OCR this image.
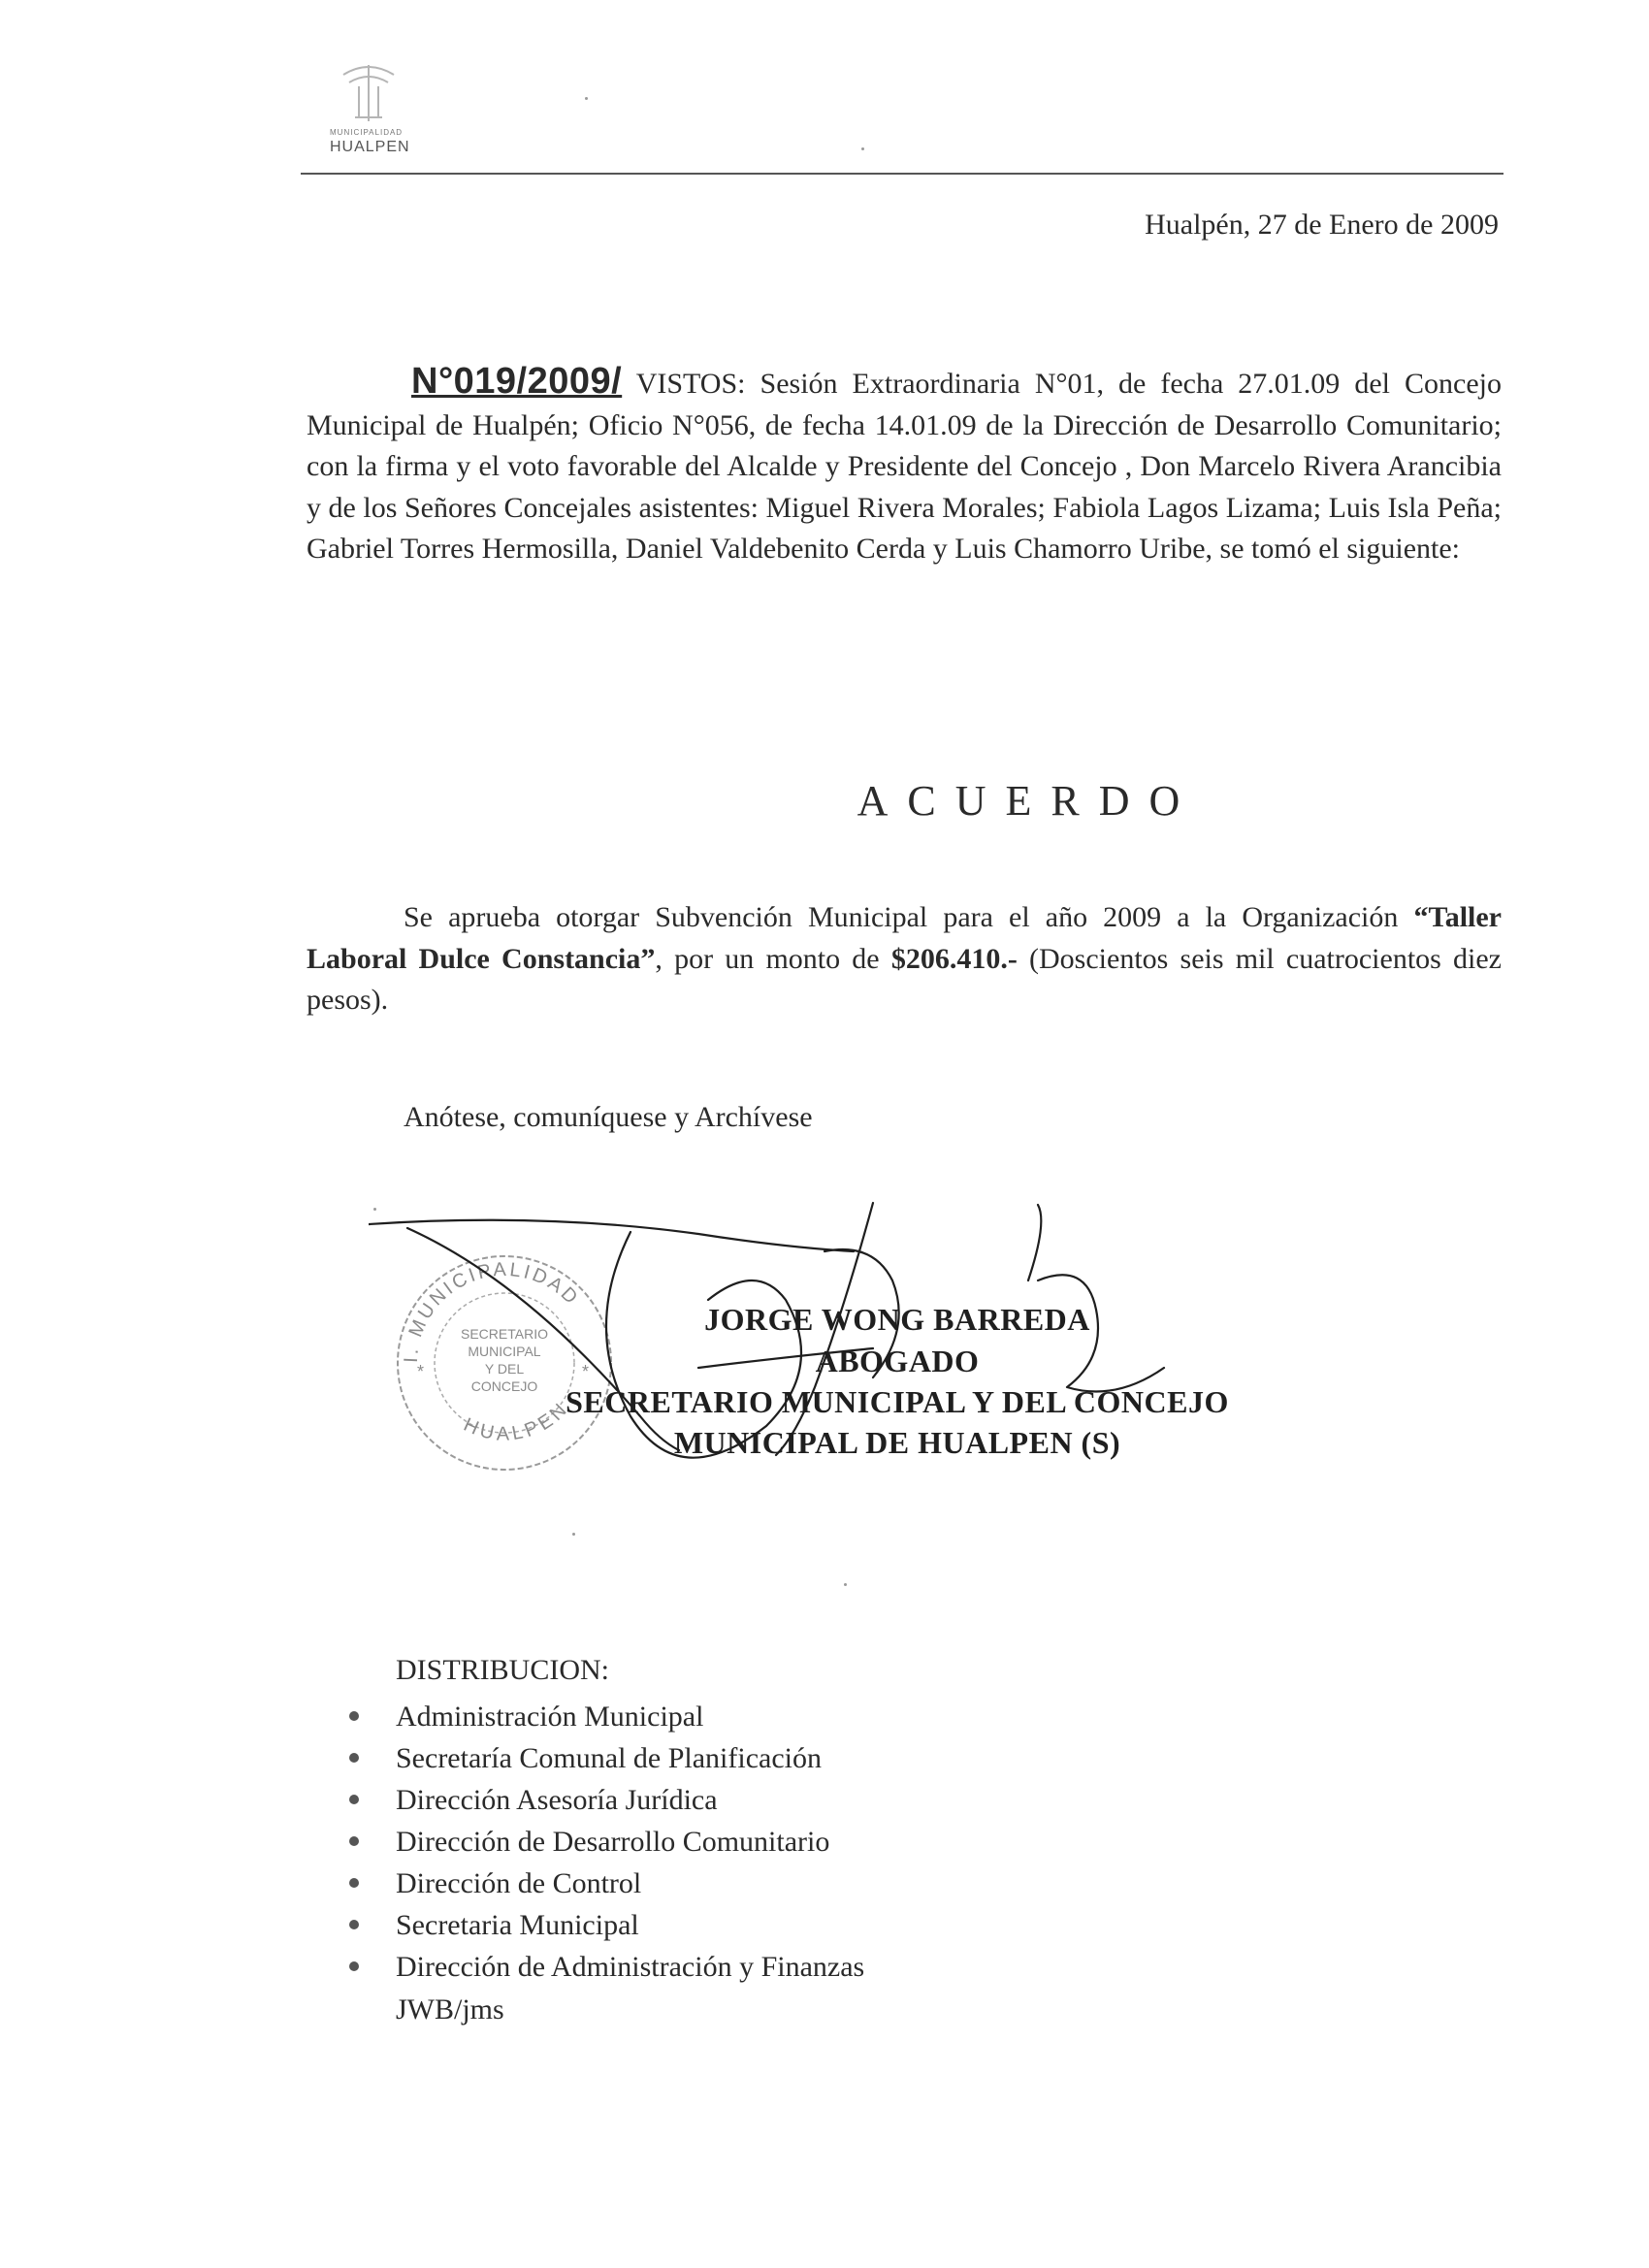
MUNICIPALIDAD
HUALPEN
Hualpén, 27 de Enero de 2009
N°019/2009/ VISTOS: Sesión Extraordinaria N°01, de fecha 27.01.09 del Concejo Municipal de Hualpén; Oficio N°056, de fecha 14.01.09 de la Dirección de Desarrollo Comunitario; con la firma y el voto favorable del Alcalde y Presidente del Concejo , Don Marcelo Rivera Arancibia y de los Señores Concejales asistentes: Miguel Rivera Morales; Fabiola Lagos Lizama; Luis Isla Peña; Gabriel Torres Hermosilla, Daniel Valdebenito Cerda y Luis Chamorro Uribe, se tomó el siguiente:
ACUERDO
Se aprueba otorgar Subvención Municipal para el año 2009 a la Organización “Taller Laboral Dulce Constancia”, por un monto de $206.410.- (Doscientos seis mil cuatrocientos diez pesos).
Anótese, comuníquese y Archívese
I. MUNICIPALIDAD
HUALPEN
SECRETARIO
MUNICIPAL
Y DEL
CONCEJO
*	*
JORGE WONG BARREDA
ABOGADO
SECRETARIO MUNICIPAL Y DEL CONCEJO
MUNICIPAL DE HUALPEN (S)
DISTRIBUCION:
Administración Municipal
Secretaría Comunal de Planificación
Dirección Asesoría Jurídica
Dirección de Desarrollo Comunitario
Dirección de Control
Secretaria Municipal
Dirección de Administración y Finanzas
JWB/jms
